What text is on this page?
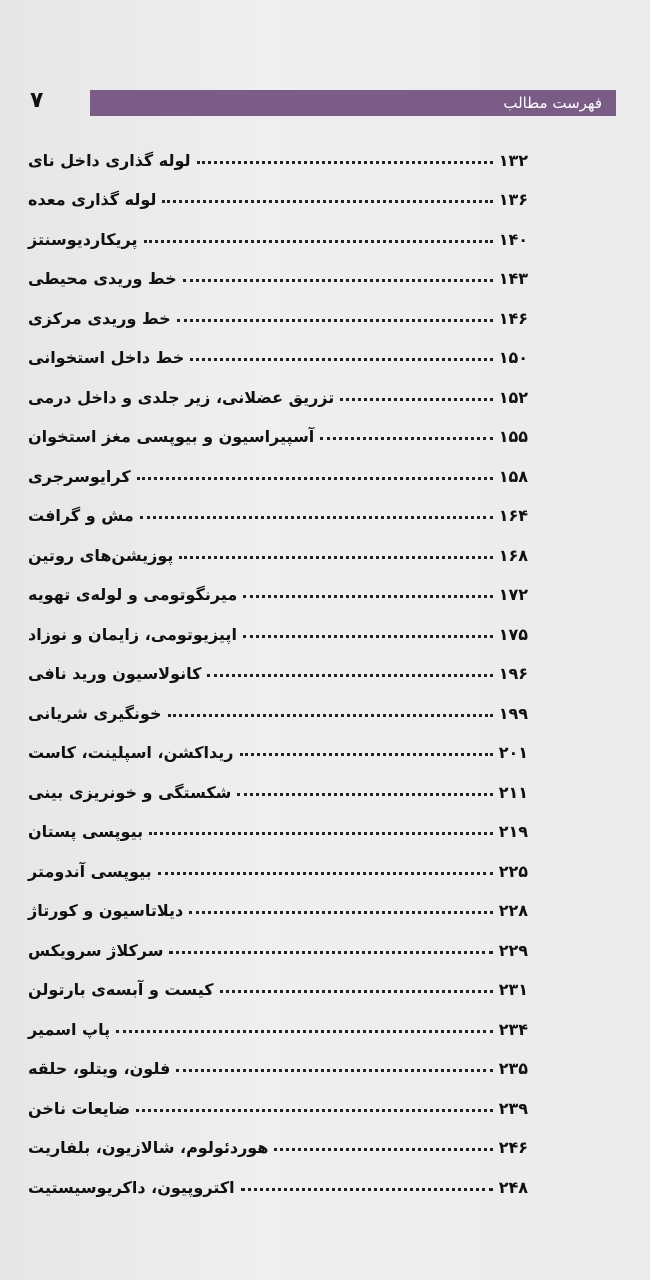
۷	فهرست مطالب
لوله گذاری داخل نای	۱۳۲
لوله گذاری معده	۱۳۶
پریکاردیوسنتز	۱۴۰
خط وریدی محیطی	۱۴۳
خط وریدی مرکزی	۱۴۶
خط داخل استخوانی	۱۵۰
تزریق عضلانی، زیر جلدی و داخل درمی	۱۵۲
آسپیراسیون و بیوپسی مغز استخوان	۱۵۵
کرایوسرجری	۱۵۸
مش و گرافت	۱۶۴
پوزیشن‌های روتین	۱۶۸
میرنگوتومی و لوله‌ی تهویه	۱۷۲
اپیزیوتومی، زایمان و نوزاد	۱۷۵
کانولاسیون ورید نافی	۱۹۶
خونگیری شریانی	۱۹۹
ریداکشن، اسپلینت، کاست	۲۰۱
شکستگی و خونریزی بینی	۲۱۱
بیوپسی پستان	۲۱۹
بیوپسی آندومتر	۲۲۵
دیلاتاسیون و کورتاژ	۲۲۸
سرکلاژ سرویکس	۲۲۹
کیست و آبسه‌ی بارتولن	۲۳۱
پاپ اسمیر	۲۳۴
فلون، ویتلو، حلقه	۲۳۵
ضایعات ناخن	۲۳۹
هوردئولوم، شالازیون، بلفاریت	۲۴۶
اکتروپیون، داکریوسیستیت	۲۴۸
